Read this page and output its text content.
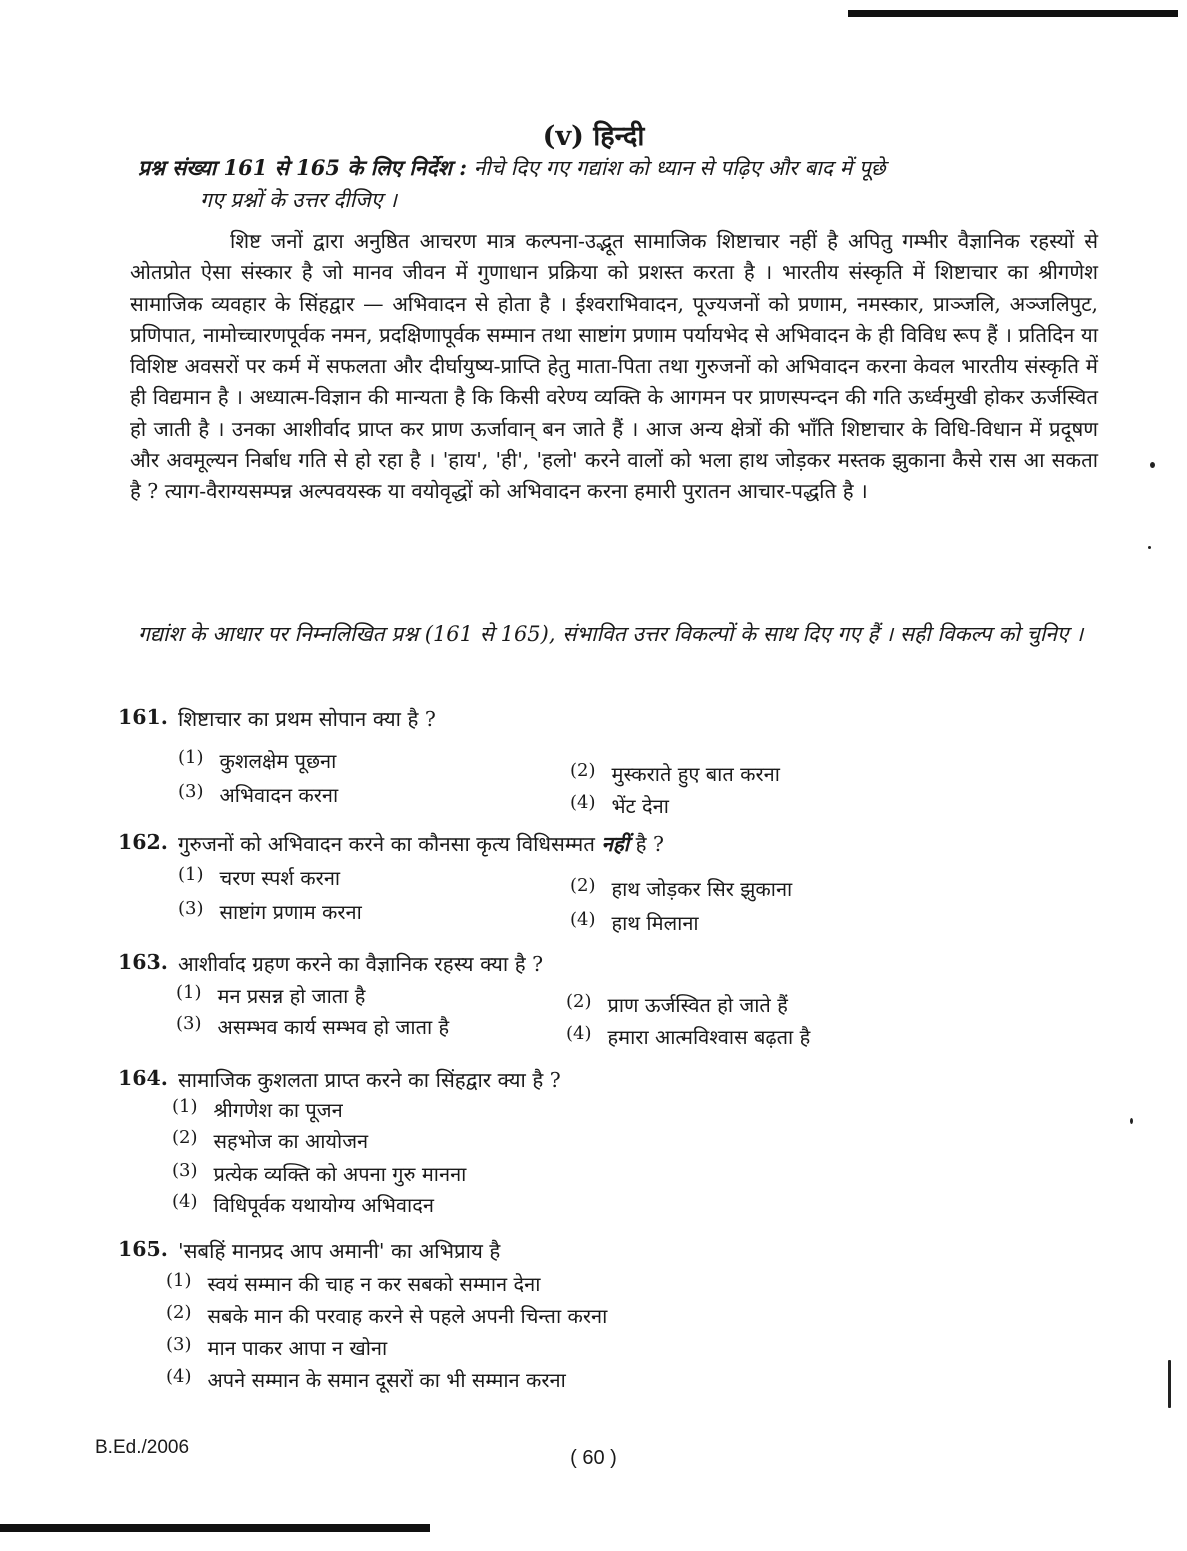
(v) हिन्दी
प्रश्न संख्या 161 से 165 के लिए निर्देश : नीचे दिए गए गद्यांश को ध्यान से पढ़िए और बाद में पूछे
गए प्रश्नों के उत्तर दीजिए ।
शिष्ट जनों द्वारा अनुष्ठित आचरण मात्र कल्पना-उद्भूत सामाजिक शिष्टाचार नहीं है अपितु गम्भीर वैज्ञानिक रहस्यों से ओतप्रोत ऐसा संस्कार है जो मानव जीवन में गुणाधान प्रक्रिया को प्रशस्त करता है । भारतीय संस्कृति में शिष्टाचार का श्रीगणेश सामाजिक व्यवहार के सिंहद्वार — अभिवादन से होता है । ईश्वराभिवादन, पूज्यजनों को प्रणाम, नमस्कार, प्राञ्जलि, अञ्जलिपुट, प्रणिपात, नामोच्चारणपूर्वक नमन, प्रदक्षिणापूर्वक सम्मान तथा साष्टांग प्रणाम पर्यायभेद से अभिवादन के ही विविध रूप हैं । प्रतिदिन या विशिष्ट अवसरों पर कर्म में सफलता और दीर्घायुष्य-प्राप्ति हेतु माता-पिता तथा गुरुजनों को अभिवादन करना केवल भारतीय संस्कृति में ही विद्यमान है । अध्यात्म-विज्ञान की मान्यता है कि किसी वरेण्य व्यक्ति के आगमन पर प्राणस्पन्दन की गति ऊर्ध्वमुखी होकर ऊर्जस्वित हो जाती है । उनका आशीर्वाद प्राप्त कर प्राण ऊर्जावान् बन जाते हैं । आज अन्य क्षेत्रों की भाँति शिष्टाचार के विधि-विधान में प्रदूषण और अवमूल्यन निर्बाध गति से हो रहा है । 'हाय', 'ही', 'हलो' करने वालों को भला हाथ जोड़कर मस्तक झुकाना कैसे रास आ सकता है ? त्याग-वैराग्यसम्पन्न अल्पवयस्क या वयोवृद्धों को अभिवादन करना हमारी पुरातन आचार-पद्धति है ।
गद्यांश के आधार पर निम्नलिखित प्रश्न (161 से 165), संभावित उत्तर विकल्पों के साथ दिए गए हैं । सही विकल्प को चुनिए ।
161. शिष्टाचार का प्रथम सोपान क्या है ?
(1) कुशलक्षेम पूछना	(2) मुस्कराते हुए बात करना
(3) अभिवादन करना	(4) भेंट देना
162. गुरुजनों को अभिवादन करने का कौनसा कृत्य विधिसम्मत नहीं है ?
(1) चरण स्पर्श करना	(2) हाथ जोड़कर सिर झुकाना
(3) साष्टांग प्रणाम करना	(4) हाथ मिलाना
163. आशीर्वाद ग्रहण करने का वैज्ञानिक रहस्य क्या है ?
(1) मन प्रसन्न हो जाता है	(2) प्राण ऊर्जस्वित हो जाते हैं
(3) असम्भव कार्य सम्भव हो जाता है	(4) हमारा आत्मविश्वास बढ़ता है
164. सामाजिक कुशलता प्राप्त करने का सिंहद्वार क्या है ?
(1) श्रीगणेश का पूजन
(2) सहभोज का आयोजन
(3) प्रत्येक व्यक्ति को अपना गुरु मानना
(4) विधिपूर्वक यथायोग्य अभिवादन
165. 'सबहिं मानप्रद आप अमानी' का अभिप्राय है
(1) स्वयं सम्मान की चाह न कर सबको सम्मान देना
(2) सबके मान की परवाह करने से पहले अपनी चिन्ता करना
(3) मान पाकर आपा न खोना
(4) अपने सम्मान के समान दूसरों का भी सम्मान करना
B.Ed./2006	( 60 )
